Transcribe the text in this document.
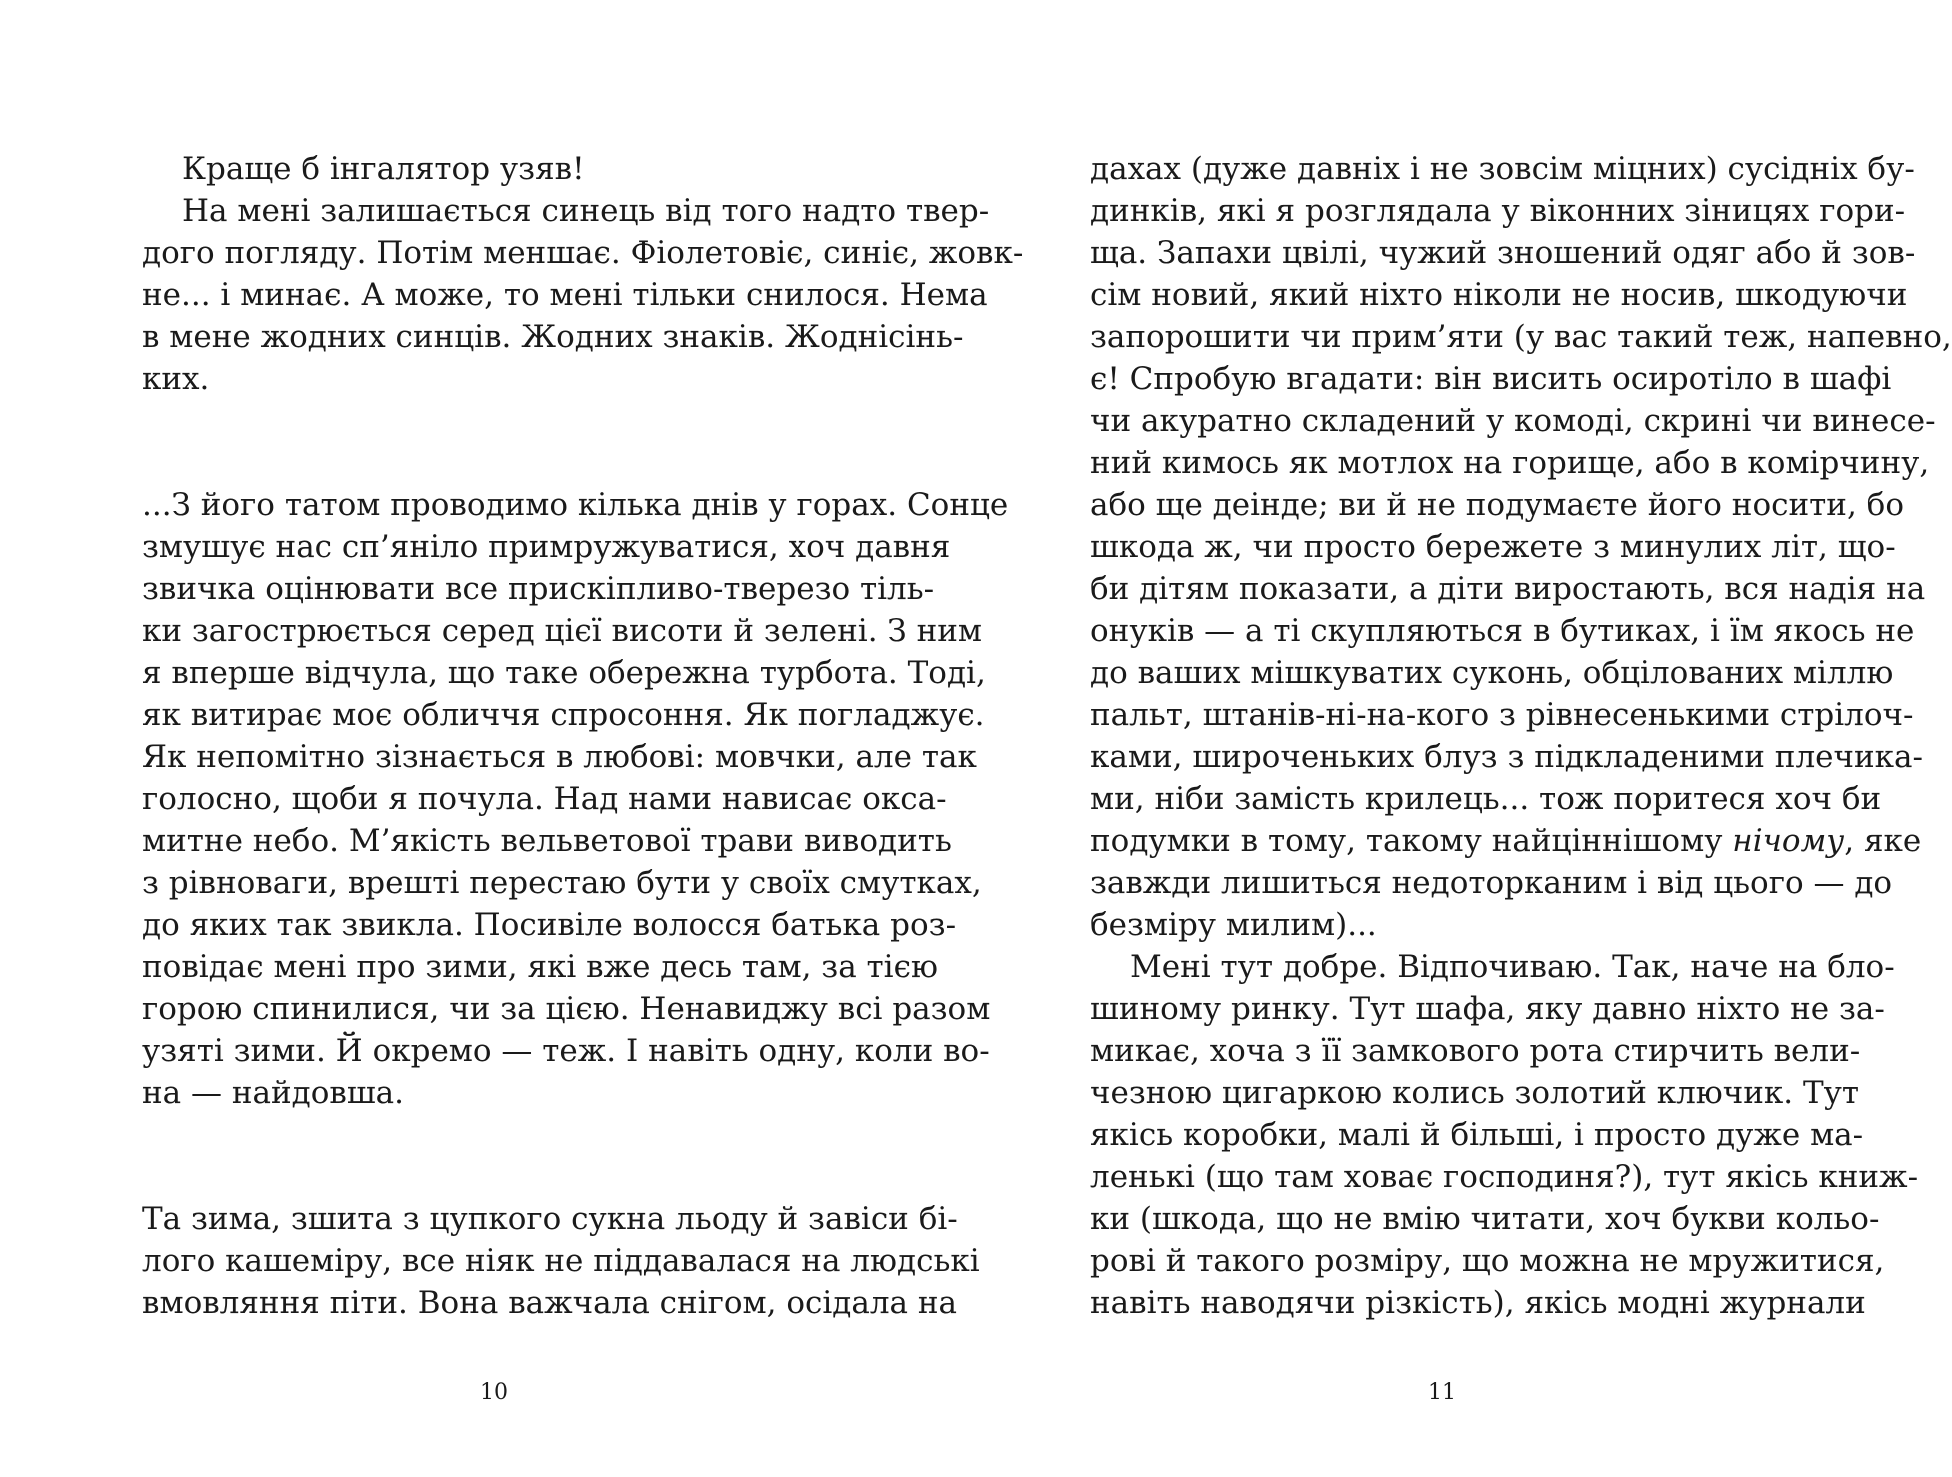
Краще б інгалятор узяв!
На мені залишається синець від того надто твер-
дого погляду. Потім меншає. Фіолетовіє, синіє, жовк-
не... і минає. А може, то мені тільки снилося. Нема
в мене жодних синців. Жодних знаків. Жоднісінь-
ких.
...З його татом проводимо кілька днів у горах. Сонце
змушує нас сп’яніло примружуватися, хоч давня
звичка оцінювати все прискіпливо-тверезо тіль-
ки загострюється серед цієї висоти й зелені. З ним
я вперше відчула, що таке обережна турбота. Тоді,
як витирає моє обличчя спросоння. Як погладжує.
Як непомітно зізнається в любові: мовчки, але так
голосно, щоби я почула. Над нами нависає окса-
митне небо. М’якість вельветової трави виводить
з рівноваги, врешті перестаю бути у своїх смутках,
до яких так звикла. Посивіле волосся батька роз-
повідає мені про зими, які вже десь там, за тією
горою спинилися, чи за цією. Ненавиджу всі разом
узяті зими. Й окремо — теж. І навіть одну, коли во-
на — найдовша.
Та зима, зшита з цупкого сукна льоду й завіси бі-
лого кашеміру, все ніяк не піддавалася на людські
вмовляння піти. Вона важчала снігом, осідала на
10
дахах (дуже давніх і не зовсім міцних) сусідніх бу-
динків, які я розглядала у віконних зіницях гори-
ща. Запахи цвілі, чужий зношений одяг або й зов-
сім новий, який ніхто ніколи не носив, шкодуючи
запорошити чи прим’яти (у вас такий теж, напевно,
є! Спробую вгадати: він висить осиротіло в шафі
чи акуратно складений у комоді, скрині чи винесе-
ний кимось як мотлох на горище, або в комірчину,
або ще деінде; ви й не подумаєте його носити, бо
шкода ж, чи просто бережете з минулих літ, що-
би дітям показати, а діти виростають, вся надія на
онуків — а ті скупляються в бутиках, і їм якось не
до ваших мішкуватих суконь, обцілованих міллю
пальт, штанів-ні-на-кого з рівнесенькими стрілоч-
ками, широченьких блуз з підкладеними плечика-
ми, ніби замість крилець... тож поритеся хоч би
подумки в тому, такому найціннішому нічому, яке
завжди лишиться недоторканим і від цього — до
безміру милим)...
Мені тут добре. Відпочиваю. Так, наче на бло-
шиному ринку. Тут шафа, яку давно ніхто не за-
микає, хоча з її замкового рота стирчить вели-
чезною цигаркою колись золотий ключик. Тут
якісь коробки, малі й більші, і просто дуже ма-
ленькі (що там ховає господиня?), тут якісь книж-
ки (шкода, що не вмію читати, хоч букви кольо-
рові й такого розміру, що можна не мружитися,
навіть наводячи різкість), якісь модні журнали
11
